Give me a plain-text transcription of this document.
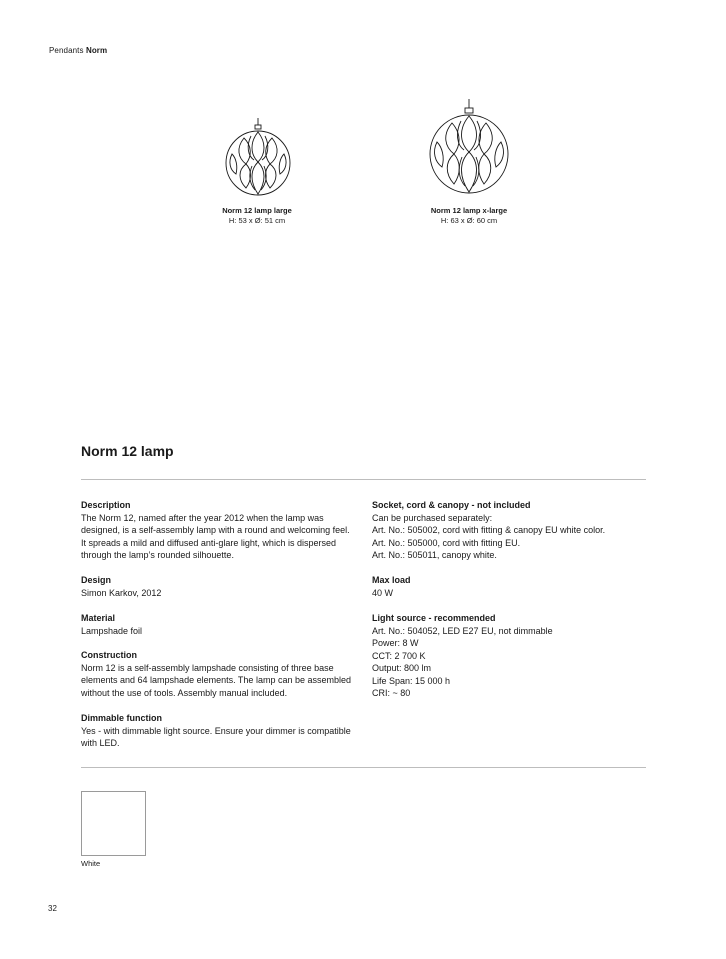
Pendants Norm
Norm 12 lamp large
H: 53 x Ø: 51 cm
Norm 12 lamp x-large
H: 63 x Ø: 60 cm
Norm 12 lamp
Description
The Norm 12, named after the year 2012 when the lamp was
designed, is a self-assembly lamp with a round and welcoming feel.
It spreads a mild and diffused anti-glare light, which is dispersed
through the lamp’s rounded silhouette.
Design
Simon Karkov, 2012
Material
Lampshade foil
Construction
Norm 12 is a self-assembly lampshade consisting of three base
elements and 64 lampshade elements. The lamp can be assembled
without the use of tools. Assembly manual included.
Dimmable function
Yes - with dimmable light source. Ensure your dimmer is compatible
with LED.
Socket, cord & canopy - not included
Can be purchased separately:
Art. No.: 505002, cord with fitting & canopy EU white color.
Art. No.: 505000, cord with fitting EU.
Art. No.: 505011, canopy white.
Max load
40 W
Light source - recommended
Art. No.: 504052, LED E27 EU, not dimmable
Power: 8 W
CCT: 2 700 K
Output: 800 lm
Life Span: 15 000 h
CRI: ~ 80
White
32
